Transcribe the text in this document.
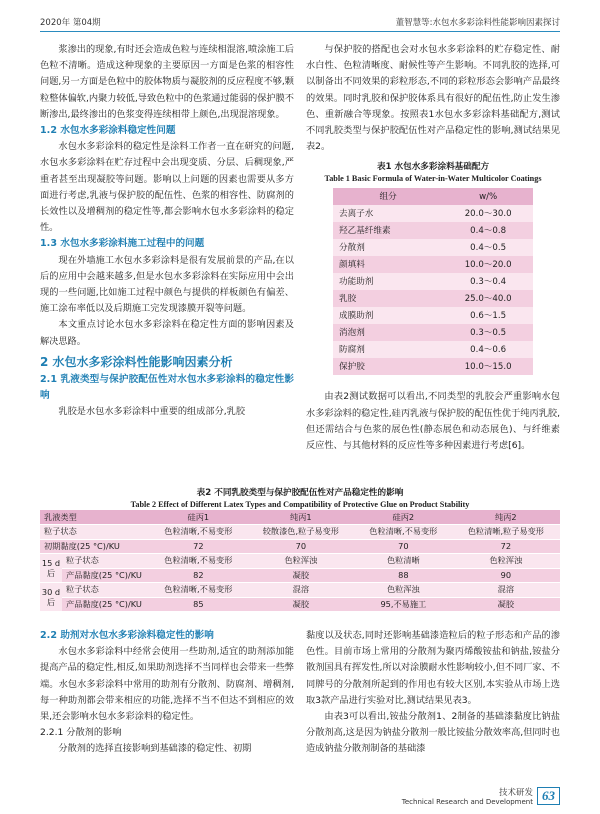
2020年 第04期	董智慧等:水包水多彩涂料性能影响因素探讨

浆渗出的现象,有时还会造成色粒与连续相混溶,喷涂施工后色粒不清晰。造成这种现象的主要原因一方面是色浆的相容性问题,另一方面是色粒中的胶体物质与凝胶剂的反应程度不够,颗粒整体偏软,内聚力较低,导致色粒中的色浆通过能弱的保护膜不断渗出,最终渗出的色浆变得连续相带上颜色,出现混溶现象。

1.2 水包水多彩涂料稳定性问题

水包水多彩涂料的稳定性是涂料工作者一直在研究的问题,水包水多彩涂料在贮存过程中会出现变质、分层、后稠现象,严重者甚至出现凝胶等问题。影响以上问题的因素也需要从多方面进行考虑,乳液与保护胶的配伍性、色浆的相容性、防腐剂的长效性以及增稠剂的稳定性等,都会影响水包水多彩涂料的稳定性。

1.3 水包水多彩涂料施工过程中的问题

现在外墙施工水包水多彩涂料是很有发展前景的产品,在以后的应用中会越来越多,但是水包水多彩涂料在实际应用中会出现的一些问题,比如施工过程中颜色与提供的样板颜色有偏差、施工涂布率低以及后期施工完发现漆膜开裂等问题。

本文重点讨论水包水多彩涂料在稳定性方面的影响因素及解决思路。

2 水包水多彩涂料性能影响因素分析
2.1 乳液类型与保护胶配伍性对水包水多彩涂料的稳定性影响

乳胶是水包水多彩涂料中重要的组成部分,乳胶

与保护胶的搭配也会对水包水多彩涂料的贮存稳定性、耐水白性、色粒清晰度、耐候性等产生影响。不同乳胶的选择,可以制备出不同效果的彩粒形态,不同的彩粒形态会影响产品最终的效果。同时乳胶和保护胶体系具有很好的配伍性,防止发生渗色、重新融合等现象。按照表1水包水多彩涂料基础配方,测试不同乳胶类型与保护胶配伍性对产品稳定性的影响,测试结果见表2。

表1 水包水多彩涂料基础配方
Table 1 Basic Formula of Water-in-Water Multicolor Coatings
组分	w/%
去离子水	20.0～30.0
羟乙基纤维素	0.4～0.8
分散剂	0.4～0.5
颜填料	10.0～20.0
功能助剂	0.3～0.4
乳胶	25.0～40.0
成膜助剂	0.6～1.5
消泡剂	0.3～0.5
防腐剂	0.4～0.6
保护胶	10.0～15.0

由表2测试数据可以看出,不同类型的乳胶会严重影响水包水多彩涂料的稳定性,硅丙乳液与保护胶的配伍性优于纯丙乳胶,但还需结合与色浆的展色性(静态展色和动态展色)、与纤维素反应性、与其他材料的反应性等多种因素进行考虑[6]。

表2 不同乳胶类型与保护胶配伍性对产品稳定性的影响
Table 2 Effect of Different Latex Types and Compatibility of Protective Glue on Product Stability
乳液类型		硅丙1	纯丙1	硅丙2	纯丙2
粒子状态		色粒清晰,不易变形	较散漆色,粒子易变形	色粒清晰,不易变形	色粒清晰,粒子易变形
初期黏度(25 °C)/KU		72	70	70	72
15 d后	粒子状态	色粒清晰,不易变形	色粒浑浊	色粒清晰	色粒浑浊
	产品黏度(25 °C)/KU	82	凝胶	88	90
30 d后	粒子状态	色粒清晰,不易变形	混溶	色粒浑浊	混溶
	产品黏度(25 °C)/KU	85	凝胶	95,不易施工	凝胶
2.2 助剂对水包水多彩涂料稳定性的影响

水包水多彩涂料中经常会使用一些助剂,适宜的助剂添加能提高产品的稳定性,相反,如果助剂选择不当同样也会带来一些弊端。水包水多彩涂料中常用的助剂有分散剂、防腐剂、增稠剂,每一种助剂都会带来相应的功能,选择不当不但达不到相应的效果,还会影响水包水多彩涂料的稳定性。

2.2.1 分散剂的影响

分散剂的选择直接影响到基础漆的稳定性、初期

黏度以及状态,同时还影响基础漆造粒后的粒子形态和产品的渗色性。目前市场上常用的分散剂为聚丙烯酸铵盐和钠盐,铵盐分散剂国具有挥发性,所以对涂膜耐水性影响较小,但不同厂家、不同牌号的分散剂所起到的作用也有较大区别,本实验从市场上选取3款产品进行实验对比,测试结果见表3。

由表3可以看出,铵盐分散剂1、2制备的基础漆黏度比钠盐分散剂高,这是因为钠盐分散剂一般比铵盐分散效率高,但同时也造成钠盐分散剂制备的基础漆

技术研发
Technical Research and Development 63
